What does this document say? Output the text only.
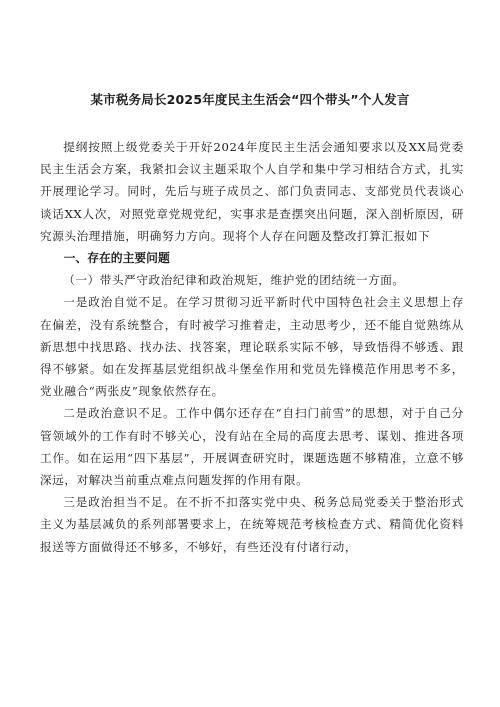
某市税务局长2025年度民主生活会“四个带头”个人发言

提纲按照上级党委关于开好2024年度民主生活会通知要求以及XX局党委民主生活会方案，我紧扣会议主题采取个人自学和集中学习相结合方式，扎实开展理论学习。同时，先后与班子成员之、部门负责同志、支部党员代表谈心谈话XX人次，对照党章党规党纪，实事求是查摆突出问题，深入剖析原因，研究源头治理措施，明确努力方向。现将个人存在问题及整改打算汇报如下

一、存在的主要问题
（一）带头严守政治纪律和政治规矩，维护党的团结统一方面。

一是政治自觉不足。在学习贯彻习近平新时代中国特色社会主义思想上存在偏差，没有系统整合，有时被学习推着走，主动思考少，还不能自觉熟练从新思想中找思路、找办法、找答案，理论联系实际不够，导致悟得不够透、跟得不够紧。如在发挥基层党组织战斗堡垒作用和党员先锋模范作用思考不多，党业融合“两张皮”现象依然存在。

二是政治意识不足。工作中偶尔还存在“自扫门前雪”的思想，对于自己分管领域外的工作有时不够关心，没有站在全局的高度去思考、谋划、推进各项工作。如在运用“四下基层”，开展调查研究时，课题选题不够精准，立意不够深远，对解决当前重点难点问题发挥的作用有限。

三是政治担当不足。在不折不扣落实党中央、税务总局党委关于整治形式主义为基层减负的系列部署要求上，在统筹规范考核检查方式、精简优化资料报送等方面做得还不够多，不够好，有些还没有付诸行动，
